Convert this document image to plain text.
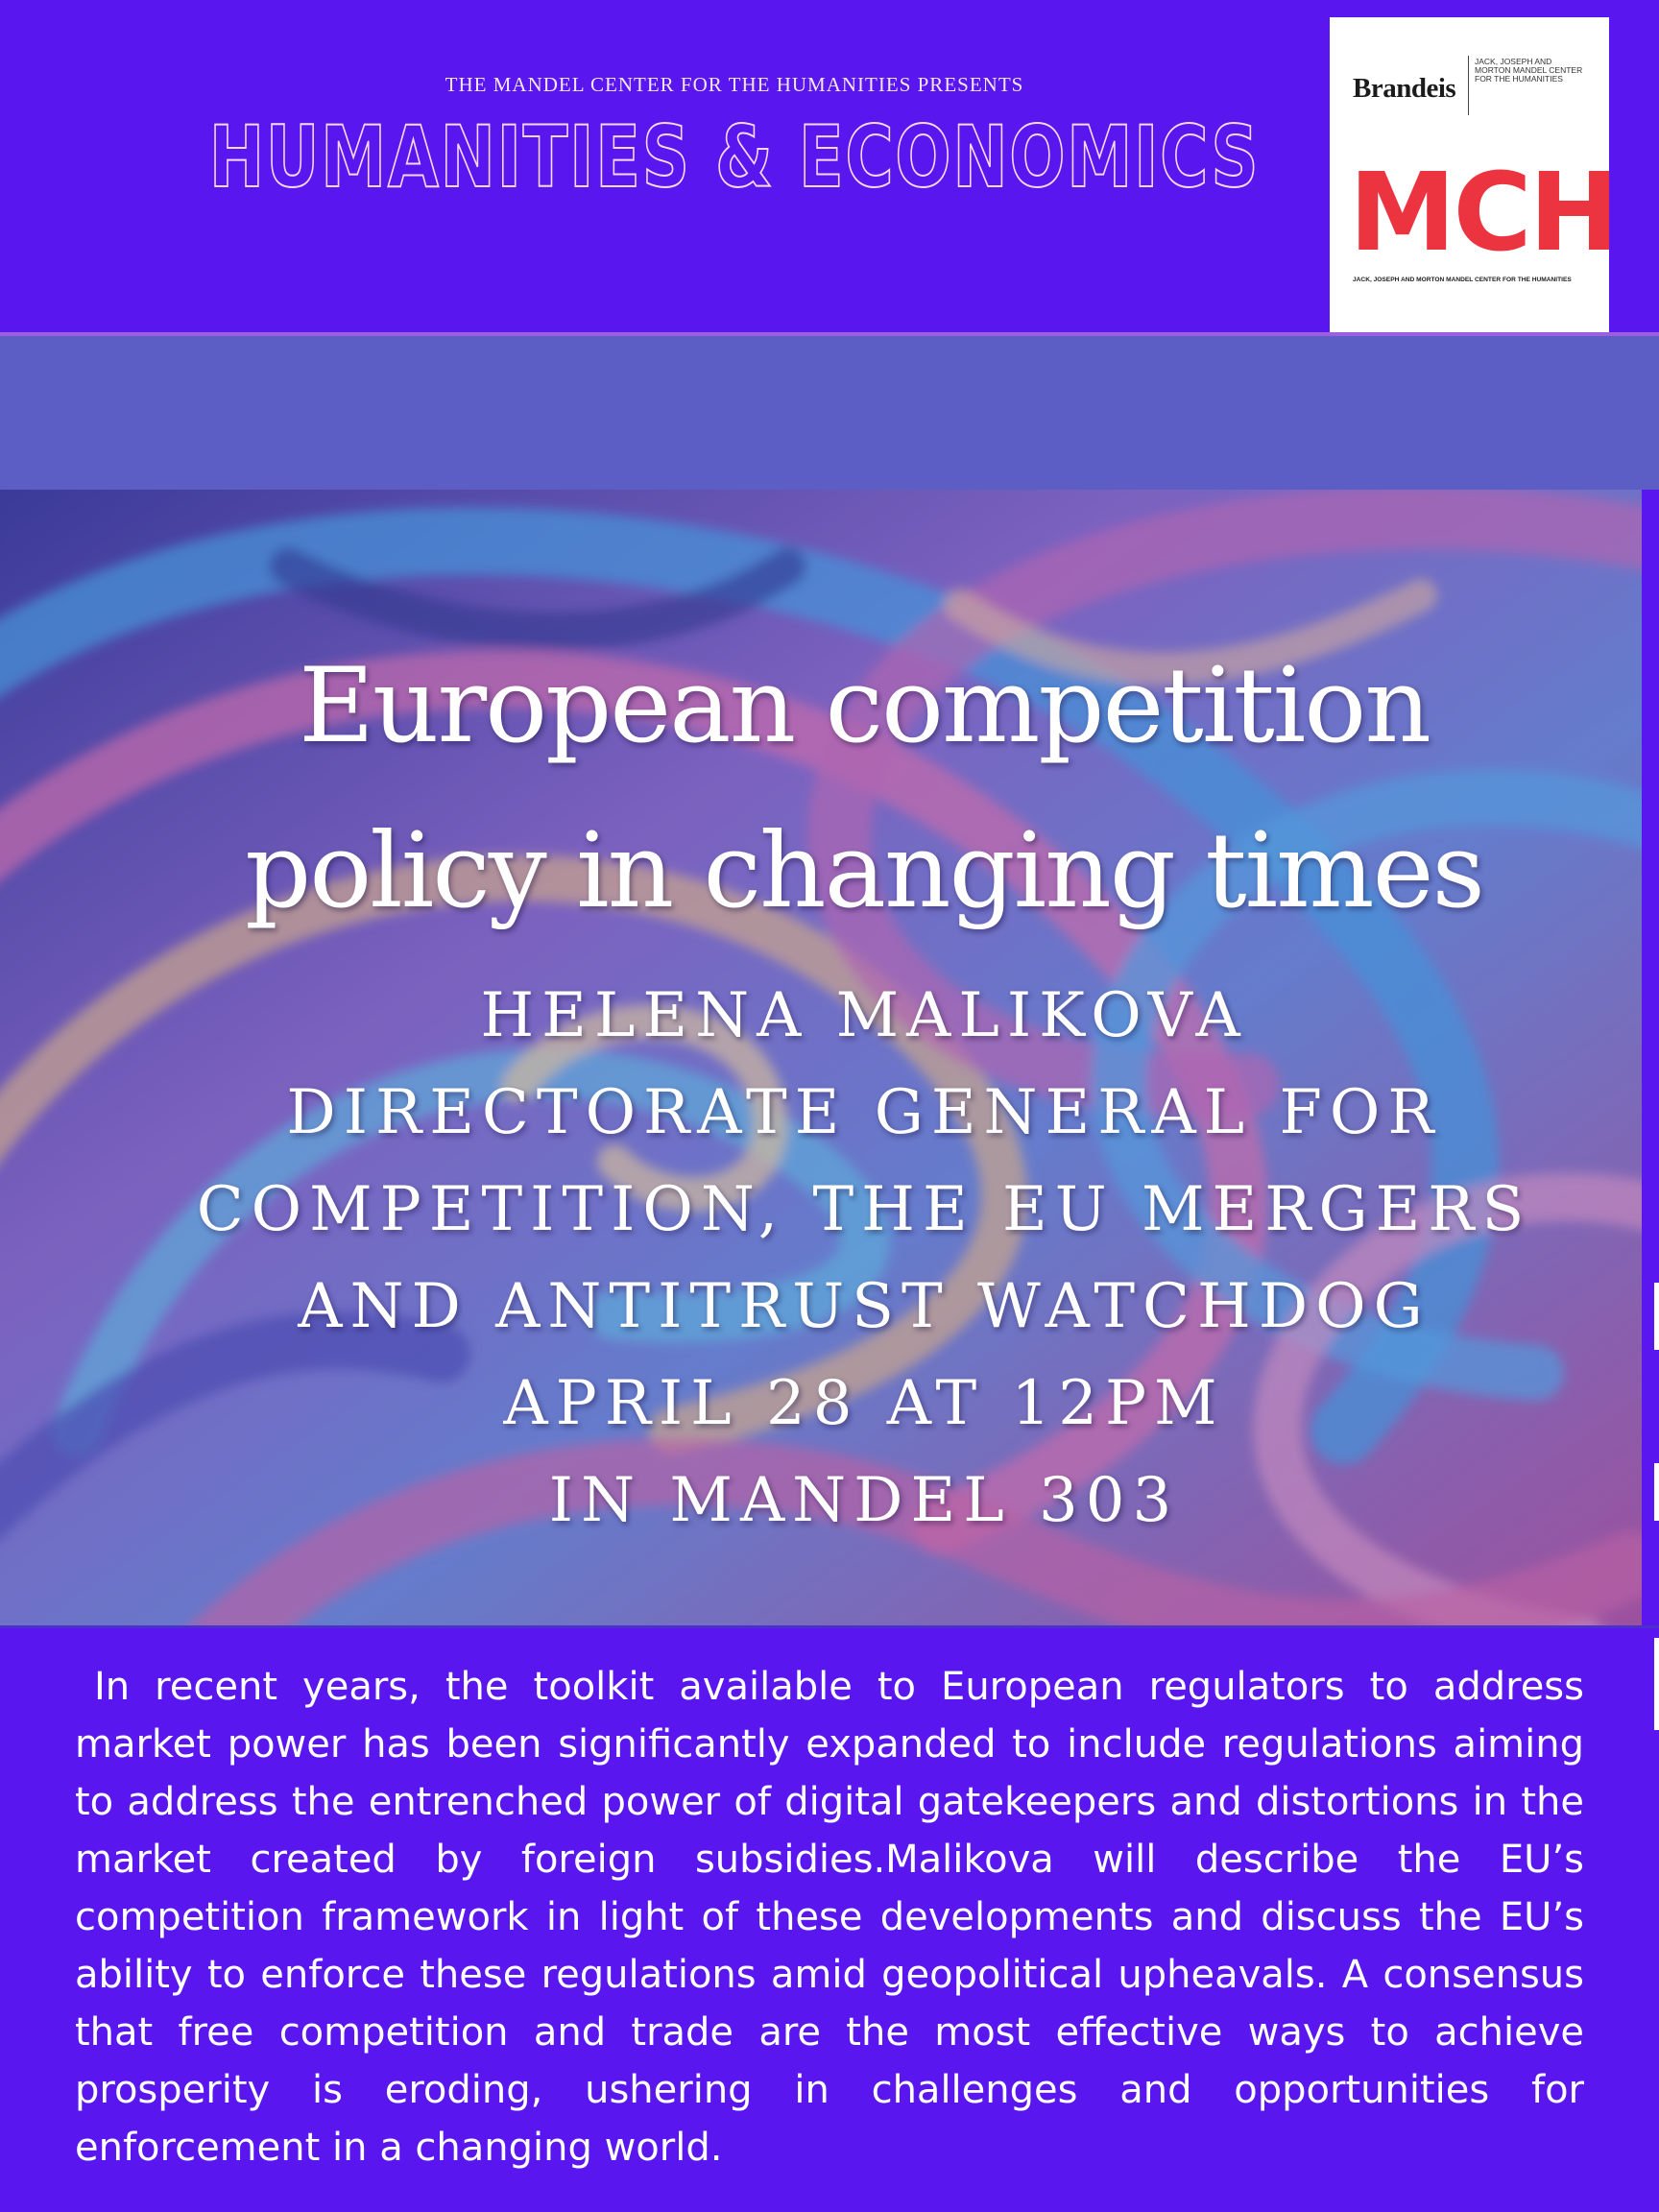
THE MANDEL CENTER FOR THE HUMANITIES PRESENTS
HUMANITIES & ECONOMICS
Brandeis
JACK, JOSEPH AND MORTON MANDEL CENTER FOR THE HUMANITIES
MCH
JACK, JOSEPH AND MORTON MANDEL CENTER FOR THE HUMANITIES
European competition
policy in changing times
HELENA MALIKOVA
DIRECTORATE GENERAL FOR
COMPETITION, THE EU MERGERS
AND ANTITRUST WATCHDOG
APRIL 28 AT 12PM
IN MANDEL 303
In recent years, the toolkit available to European regulators to address market power has been significantly expanded to include regulations aiming to address the entrenched power of digital gatekeepers and distortions in the market created by foreign subsidies.Malikova will describe the EU’s competition framework in light of these developments and discuss the EU’s ability to enforce these regulations amid geopolitical upheavals. A consensus that free competition and trade are the most effective ways to achieve prosperity is eroding, ushering in challenges and opportunities for enforcement in a changing world.
